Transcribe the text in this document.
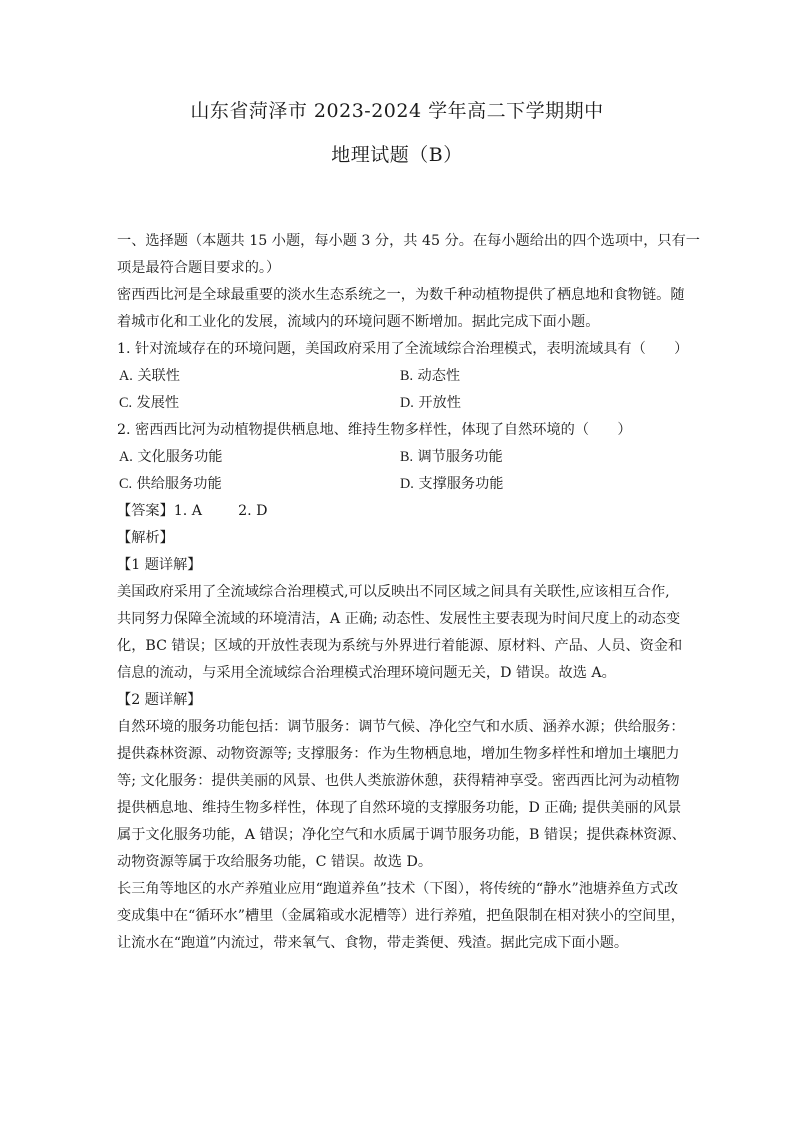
山东省菏泽市 2023-2024 学年高二下学期期中
地理试题（B）
一、选择题（本题共 15 小题，每小题 3 分，共 45 分。在每小题给出的四个选项中，只有一
项是最符合题目要求的。）
密西西比河是全球最重要的淡水生态系统之一，为数千种动植物提供了栖息地和食物链。随
着城市化和工业化的发展，流域内的环境问题不断增加。据此完成下面小题。
1. 针对流域存在的环境问题，美国政府采用了全流域综合治理模式，表明流域具有（　　）
A. 关联性	B. 动态性
C. 发展性	D. 开放性
2. 密西西比河为动植物提供栖息地、维持生物多样性，体现了自然环境的（　　）
A. 文化服务功能	B. 调节服务功能
C. 供给服务功能	D. 支撑服务功能
【答案】1. A	2. D
【解析】
【1 题详解】
美国政府采用了全流域综合治理模式,可以反映出不同区域之间具有关联性,应该相互合作,
共同努力保障全流域的环境清洁，A 正确; 动态性、发展性主要表现为时间尺度上的动态变
化，BC 错误；区域的开放性表现为系统与外界进行着能源、原材料、产品、人员、资金和
信息的流动，与采用全流域综合治理模式治理环境问题无关，D 错误。故选 A。
【2 题详解】
自然环境的服务功能包括：调节服务：调节气候、净化空气和水质、涵养水源；供给服务：
提供森林资源、动物资源等; 支撑服务：作为生物栖息地，增加生物多样性和增加土壤肥力
等; 文化服务：提供美丽的风景、也供人类旅游休憩，获得精神享受。密西西比河为动植物
提供栖息地、维持生物多样性，体现了自然环境的支撑服务功能，D 正确; 提供美丽的风景
属于文化服务功能，A 错误；净化空气和水质属于调节服务功能，B 错误；提供森林资源、
动物资源等属于攻给服务功能，C 错误。故选 D。
长三角等地区的水产养殖业应用“跑道养鱼”技术（下图），将传统的“静水”池塘养鱼方式改
变成集中在“循环水”槽里（金属箱或水泥槽等）进行养殖，把鱼限制在相对狭小的空间里，
让流水在“跑道”内流过，带来氧气、食物，带走粪便、残渣。据此完成下面小题。
